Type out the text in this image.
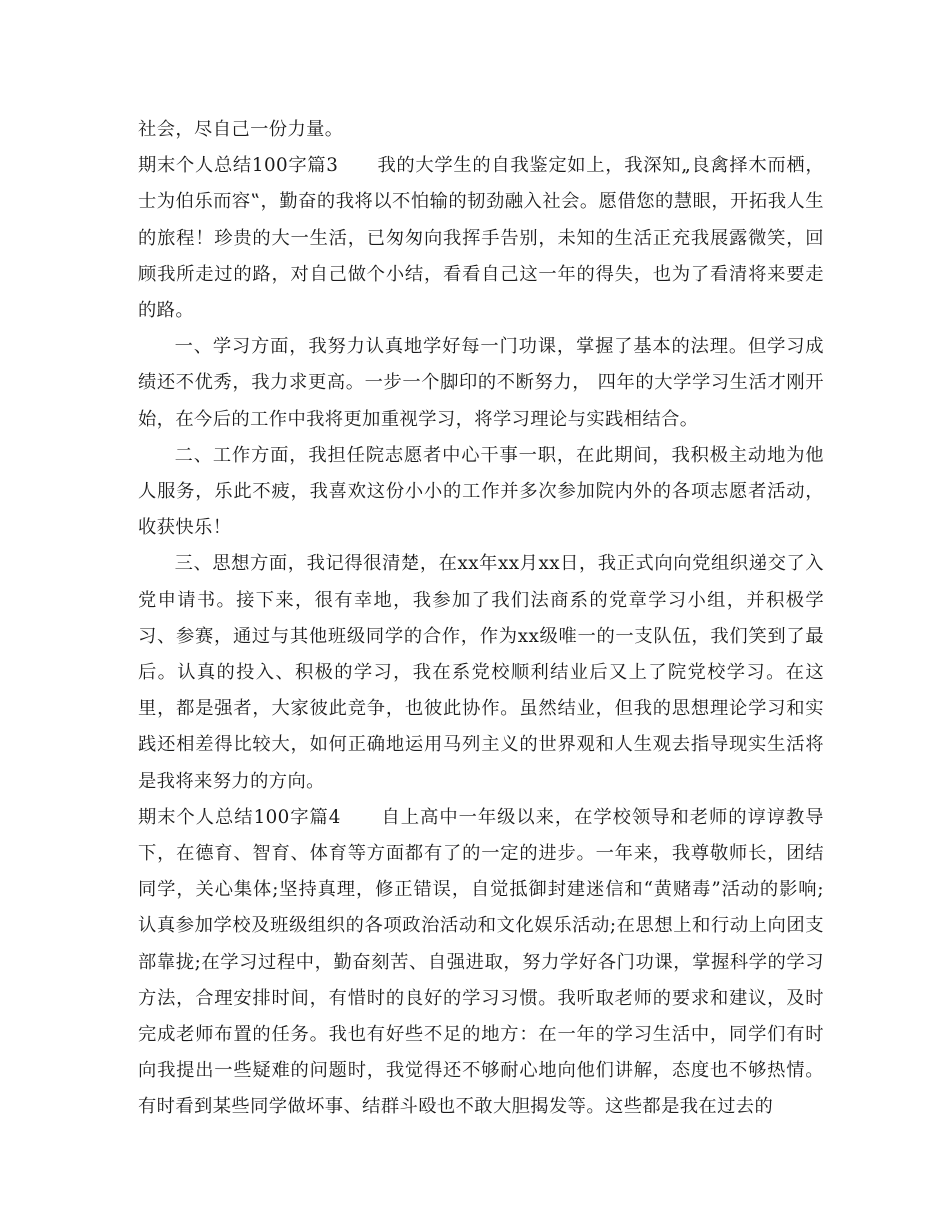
社会，尽自己一份力量。

期末个人总结100字篇3 我的大学生的自我鉴定如上，我深知„良禽择木而栖，士为伯乐而容‟，勤奋的我将以不怕输的韧劲融入社会。愿借您的慧眼，开拓我人生的旅程！珍贵的大一生活，已匆匆向我挥手告别，未知的生活正充我展露微笑，回顾我所走过的路，对自己做个小结，看看自己这一年的得失，也为了看清将来要走的路。

一、学习方面，我努力认真地学好每一门功课，掌握了基本的法理。但学习成绩还不优秀，我力求更高。一步一个脚印的不断努力， 四年的大学学习生活才刚开始，在今后的工作中我将更加重视学习，将学习理论与实践相结合。

二、工作方面，我担任院志愿者中心干事一职，在此期间，我积极主动地为他人服务，乐此不疲，我喜欢这份小小的工作并多次参加院内外的各项志愿者活动，收获快乐！

三、思想方面，我记得很清楚，在xx年xx月xx日，我正式向向党组织递交了入党申请书。接下来，很有幸地，我参加了我们法商系的党章学习小组，并积极学习、参赛，通过与其他班级同学的合作，作为xx级唯一的一支队伍，我们笑到了最后。认真的投入、积极的学习，我在系党校顺利结业后又上了院党校学习。在这里，都是强者，大家彼此竞争，也彼此协作。虽然结业，但我的思想理论学习和实践还相差得比较大，如何正确地运用马列主义的世界观和人生观去指导现实生活将是我将来努力的方向。

期末个人总结100字篇4 自上高中一年级以来，在学校领导和老师的谆谆教导下，在德育、智育、体育等方面都有了的一定的进步。一年来，我尊敬师长，团结同学，关心集体;坚持真理，修正错误，自觉抵御封建迷信和“黄赌毒”活动的影响;认真参加学校及班级组织的各项政治活动和文化娱乐活动;在思想上和行动上向团支部靠拢;在学习过程中，勤奋刻苦、自强进取，努力学好各门功课，掌握科学的学习方法，合理安排时间，有惜时的良好的学习习惯。我听取老师的要求和建议，及时完成老师布置的任务。我也有好些不足的地方：在一年的学习生活中，同学们有时向我提出一些疑难的问题时，我觉得还不够耐心地向他们讲解，态度也不够热情。有时看到某些同学做坏事、结群斗殴也不敢大胆揭发等。这些都是我在过去的
